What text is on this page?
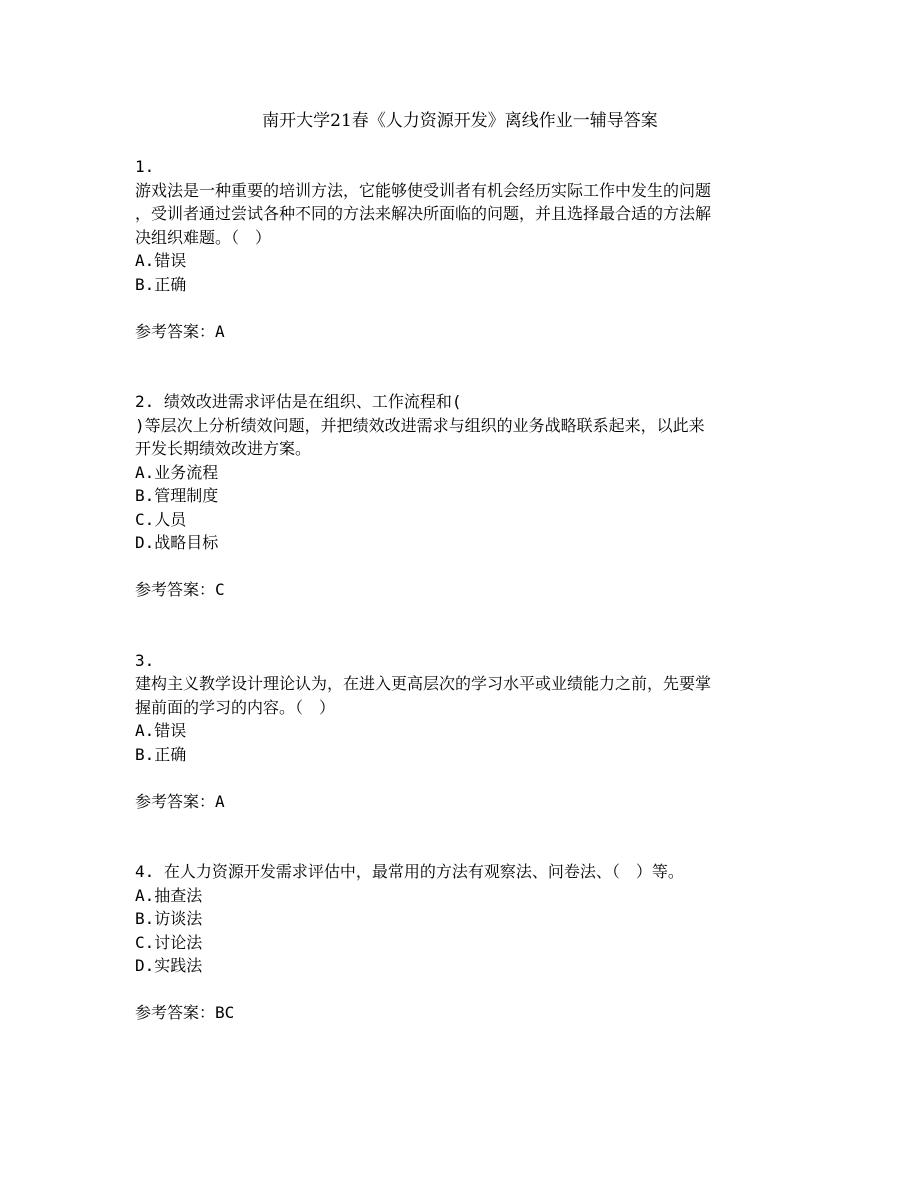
南开大学21春《人力资源开发》离线作业一辅导答案
1.
游戏法是一种重要的培训方法，它能够使受训者有机会经历实际工作中发生的问题
，受训者通过尝试各种不同的方法来解决所面临的问题，并且选择最合适的方法解
决组织难题。（　）
A.错误
B.正确
参考答案：A
2. 绩效改进需求评估是在组织、工作流程和(
)等层次上分析绩效问题，并把绩效改进需求与组织的业务战略联系起来，以此来
开发长期绩效改进方案。
A.业务流程
B.管理制度
C.人员
D.战略目标
参考答案：C
3.
建构主义教学设计理论认为，在进入更高层次的学习水平或业绩能力之前，先要掌
握前面的学习的内容。（　）
A.错误
B.正确
参考答案：A
4. 在人力资源开发需求评估中，最常用的方法有观察法、问卷法、（　）等。
A.抽查法
B.访谈法
C.讨论法
D.实践法
参考答案：BC
